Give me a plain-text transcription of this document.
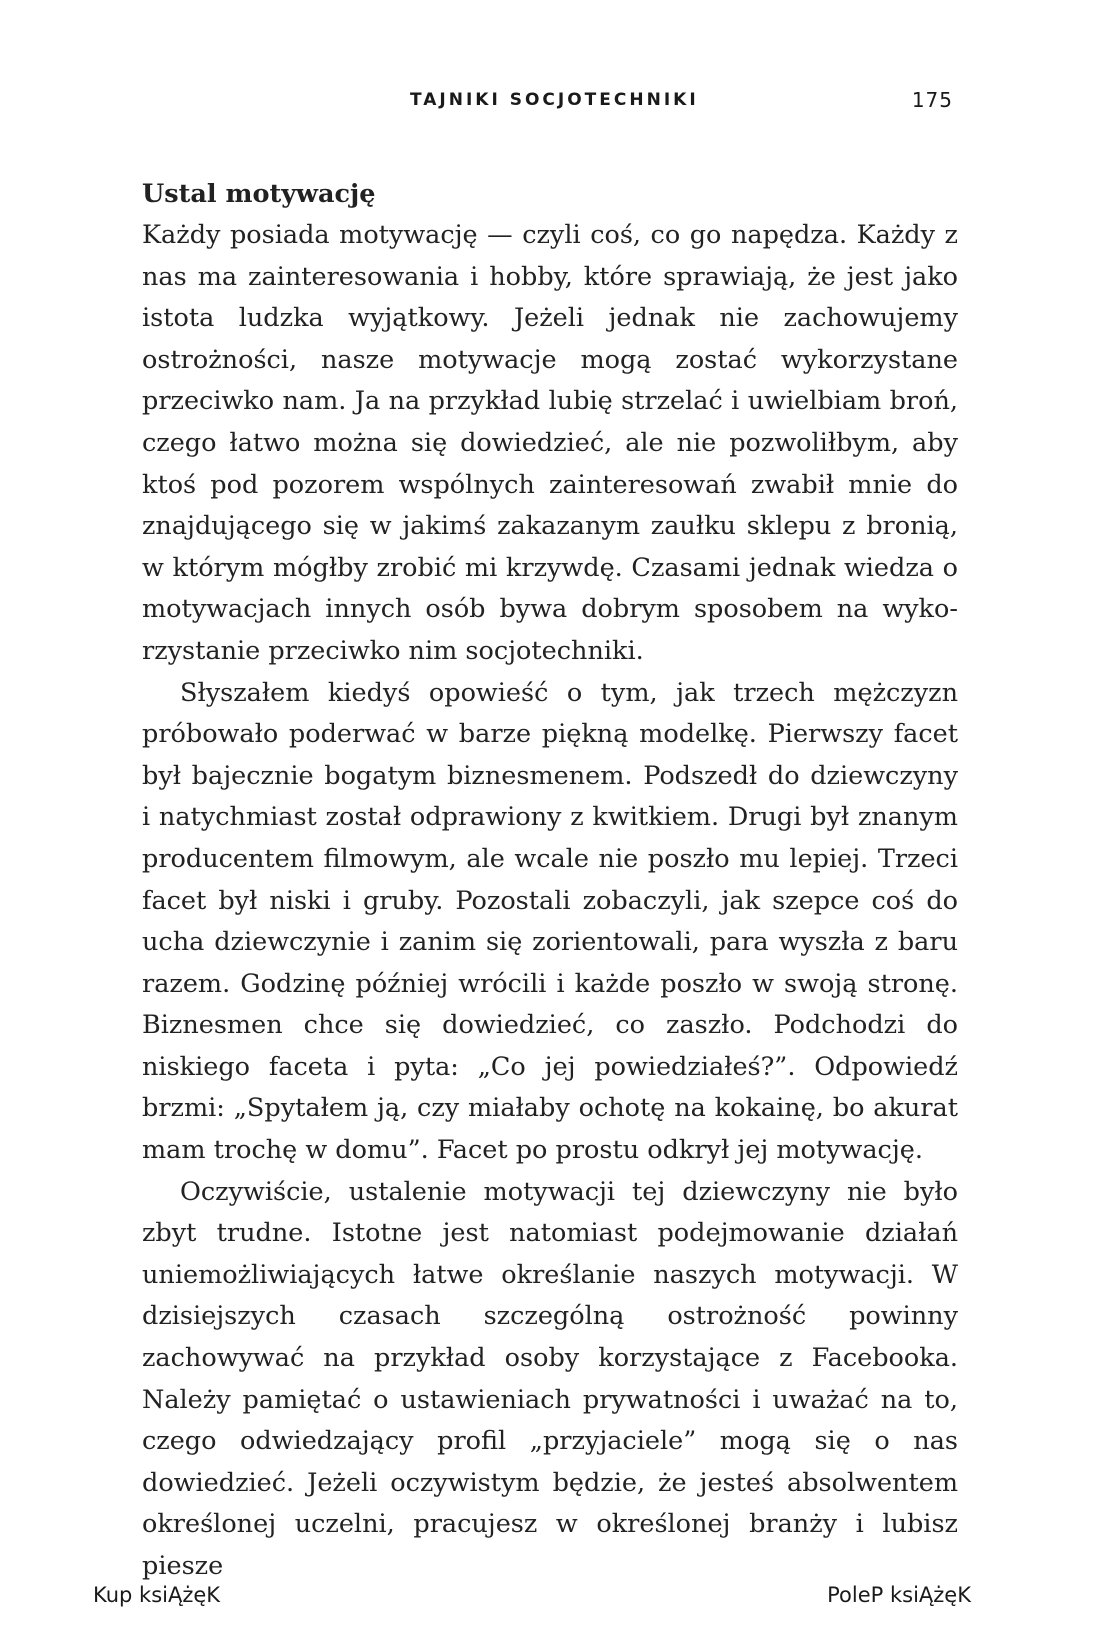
TAJNIKI SOCJOTECHNIKI	175
Ustal motywację

Każdy posiada motywację — czyli coś, co go napędza. Każdy z nas ma zainteresowania i hobby, które sprawiają, że jest jako istota ludzka wyjątkowy. Jeżeli jednak nie zachowujemy ostrożności, nasze motywacje mogą zostać wykorzystane przeciwko nam. Ja na przykład lubię strzelać i uwielbiam broń, czego łatwo można się dowiedzieć, ale nie pozwoliłbym, aby ktoś pod pozorem wspólnych zainteresowań zwabił mnie do znajdującego się w jakimś zakazanym zaułku sklepu z bronią, w którym mógłby zrobić mi krzywdę. Czasami jednak wiedza o motywacjach innych osób bywa dobrym sposobem na wykorzystanie przeciwko nim socjotechniki.

Słyszałem kiedyś opowieść o tym, jak trzech mężczyzn próbowało poderwać w barze piękną modelkę. Pierwszy facet był bajecznie bogatym biznesmenem. Podszedł do dziewczyny i natychmiast został odprawiony z kwitkiem. Drugi był znanym producentem filmowym, ale wcale nie poszło mu lepiej. Trzeci facet był niski i gruby. Pozostali zobaczyli, jak szepce coś do ucha dziewczynie i zanim się zorientowali, para wyszła z baru razem. Godzinę później wrócili i każde poszło w swoją stronę. Biznesmen chce się dowiedzieć, co zaszło. Podchodzi do niskiego faceta i pyta: „Co jej powiedziałeś?”. Odpowiedź brzmi: „Spytałem ją, czy miałaby ochotę na kokainę, bo akurat mam trochę w domu”. Facet po prostu odkrył jej motywację.

Oczywiście, ustalenie motywacji tej dziewczyny nie było zbyt trudne. Istotne jest natomiast podejmowanie działań uniemożliwiających łatwe określanie naszych motywacji. W dzisiejszych czasach szczególną ostrożność powinny zachowywać na przykład osoby korzystające z Facebooka. Należy pamiętać o ustawieniach prywatności i uważać na to, czego odwiedzający profil „przyjaciele” mogą się o nas dowiedzieć. Jeżeli oczywistym będzie, że jesteś absolwentem określonej uczelni, pracujesz w określonej branży i lubisz piesze

Kup ksiĄżęK	PoleP ksiĄżęK
